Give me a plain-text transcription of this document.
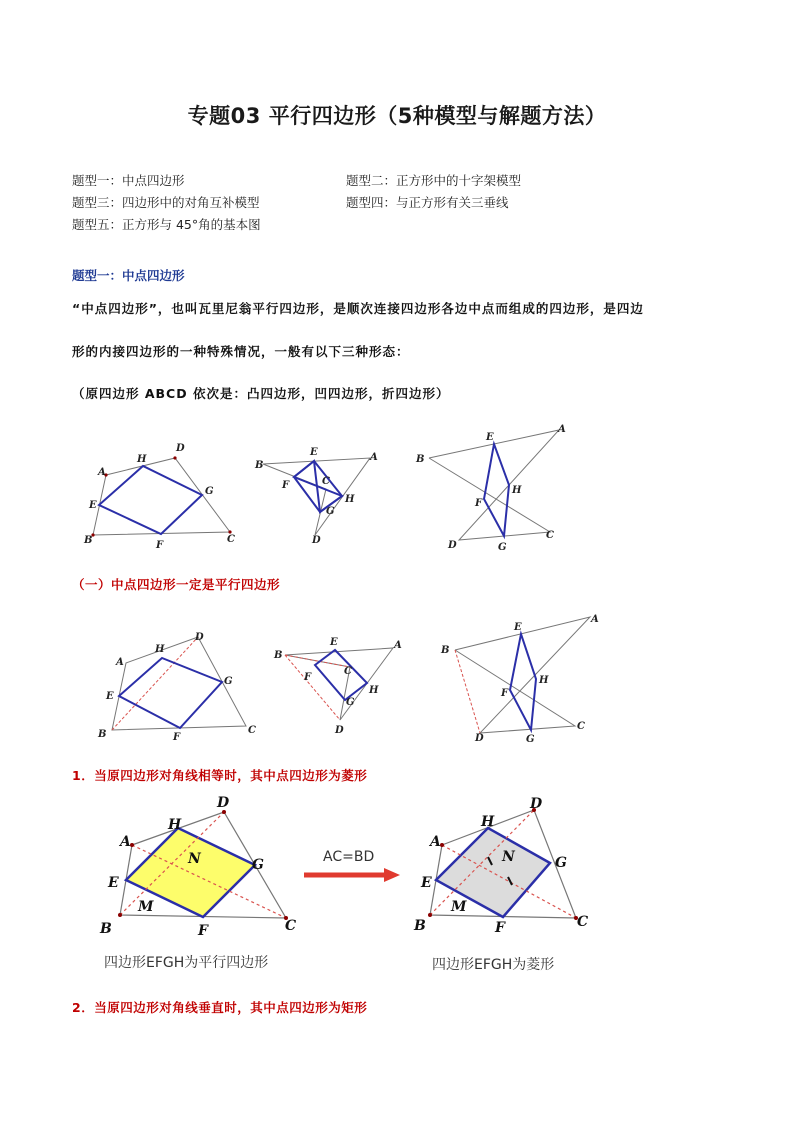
专题03 平行四边形（5种模型与解题方法）
题型一：中点四边形	题型二：正方形中的十字架模型
题型三：四边形中的对角互补模型	题型四：与正方形有关三垂线
题型五：正方形与 45°角的基本图
题型一：中点四边形
“中点四边形”，也叫瓦里尼翁平行四边形，是顺次连接四边形各边中点而组成的四边形，是四边
形的内接四边形的一种特殊情况，一般有以下三种形态：
（原四边形 ABCD 依次是：凸四边形，凹四边形，折四边形）
A
D
H
E
G
B	F
C
B
A
E
F	C
H
G
D
B
A
E
F
H
D	G
C
（一）中点四边形一定是平行四边形
A
D
H
E
G
B	F
C
B
A
E
F
C
H
G
D
B
A
E
F
H
D	G
C
1．当原四边形对角线相等时，其中点四边形为菱形
A
D
H
N
E
G
M
B	F	C
AC=BD
A
D
H
N
E
G
M
B	F	C
四边形EFGH为平行四边形	四边形EFGH为菱形
2．当原四边形对角线垂直时，其中点四边形为矩形
